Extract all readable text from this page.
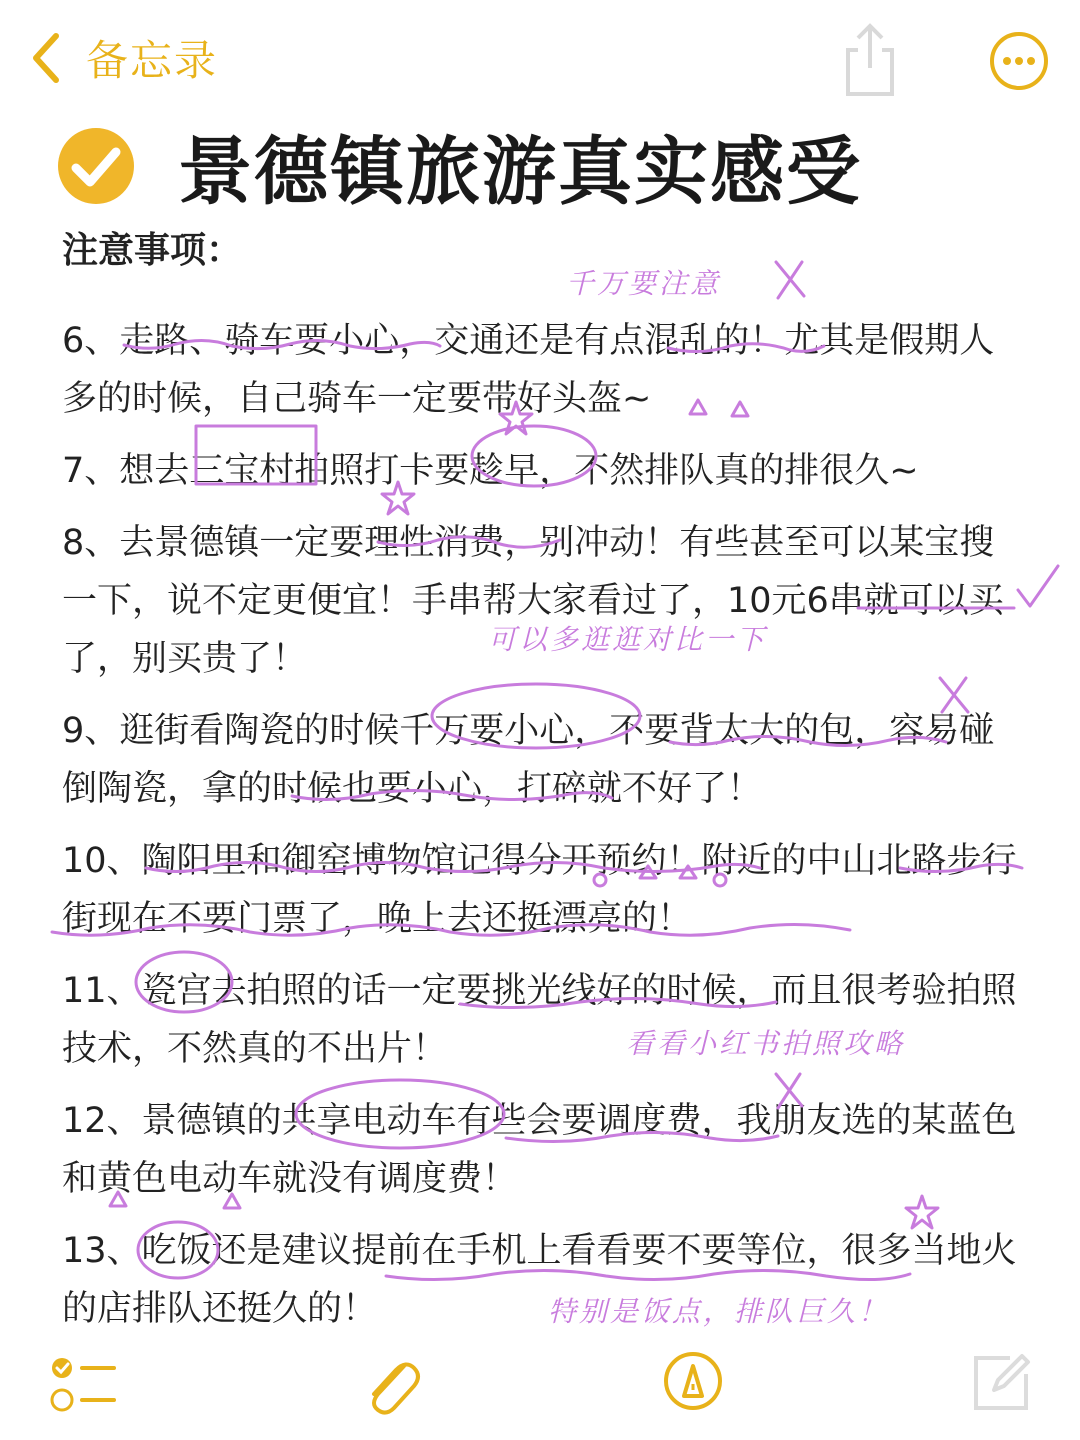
备忘录
景德镇旅游真实感受
注意事项：
6、走路、骑车要小心，交通还是有点混乱的！尤其是假期人多的时候，自己骑车一定要带好头盔~
7、想去三宝村拍照打卡要趁早，不然排队真的排很久~
8、去景德镇一定要理性消费，别冲动！有些甚至可以某宝搜一下，说不定更便宜！手串帮大家看过了，10元6串就可以买了，别买贵了！
9、逛街看陶瓷的时候千万要小心，不要背太大的包，容易碰倒陶瓷，拿的时候也要小心，打碎就不好了！
10、陶阳里和御窑博物馆记得分开预约！附近的中山北路步行街现在不要门票了，晚上去还挺漂亮的！
11、瓷宫去拍照的话一定要挑光线好的时候，而且很考验拍照技术，不然真的不出片！
12、景德镇的共享电动车有些会要调度费，我朋友选的某蓝色和黄色电动车就没有调度费！
13、吃饭还是建议提前在手机上看看要不要等位，很多当地火的店排队还挺久的！
千万要注意
可以多逛逛对比一下
看看小红书拍照攻略
特别是饭点，排队巨久！
